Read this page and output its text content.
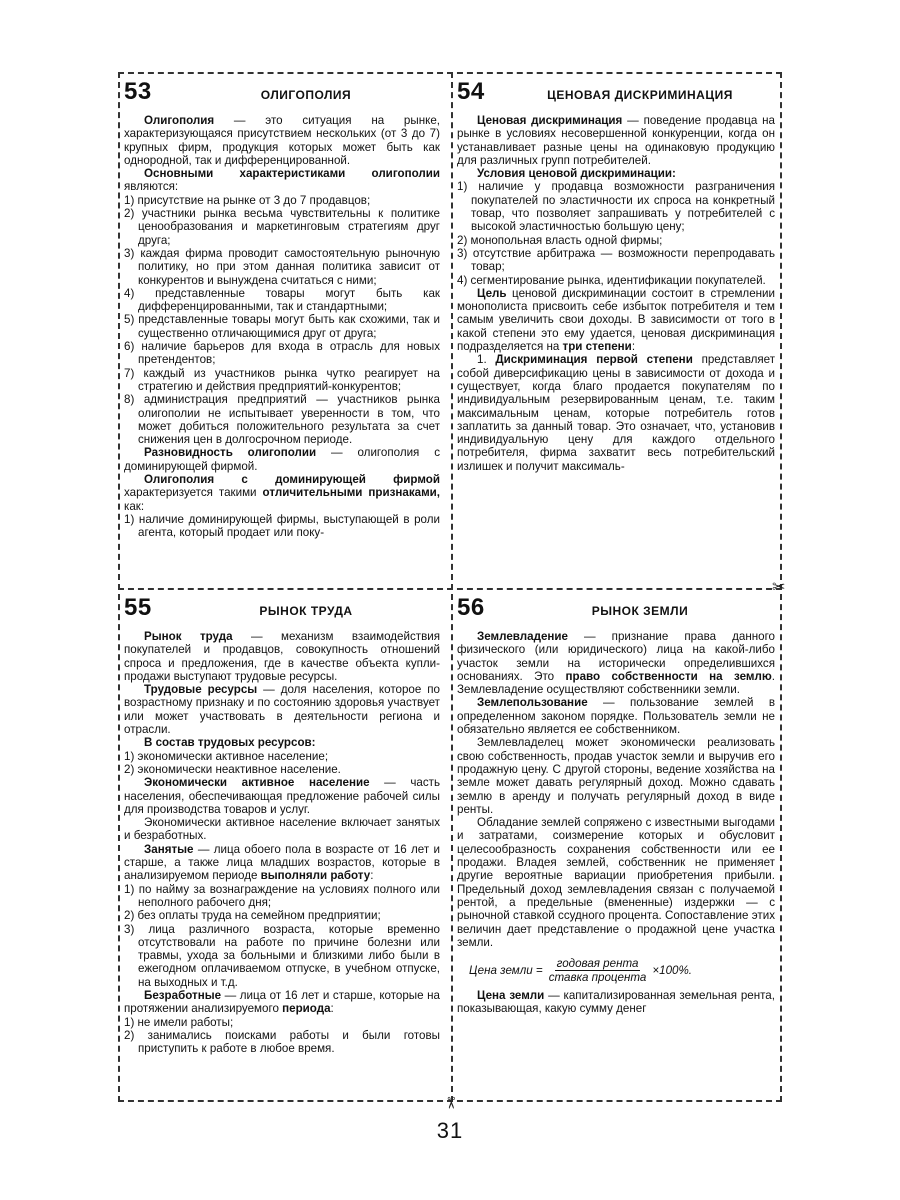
✂
✂
53	ОЛИГОПОЛИЯ

Олигополия — это ситуация на рынке, характеризующаяся присутствием нескольких (от 3 до 7) крупных фирм, продукция которых может быть как однородной, так и дифференцированной.

Основными характеристиками олигополии являются:

1) присутствие на рынке от 3 до 7 продавцов;
2) участники рынка весьма чувствительны к политике ценообразования и маркетинговым стратегиям друг друга;
3) каждая фирма проводит самостоятельную рыночную политику, но при этом данная политика зависит от конкурентов и вынуждена считаться с ними;
4) представленные товары могут быть как дифференцированными, так и стандартными;
5) представленные товары могут быть как схожими, так и существенно отличающимися друг от друга;
6) наличие барьеров для входа в отрасль для новых претендентов;
7) каждый из участников рынка чутко реагирует на стратегию и действия предприятий-конкурентов;
8) администрация предприятий — участников рынка олигополии не испытывает уверенности в том, что может добиться положительного результата за счет снижения цен в долгосрочном периоде.

Разновидность олигополии — олигополия с доминирующей фирмой.

Олигополия с доминирующей фирмой характеризуется такими отличительными признаками, как:

1) наличие доминирующей фирмы, выступающей в роли агента, который продает или поку-
54	ЦЕНОВАЯ ДИСКРИМИНАЦИЯ

Ценовая дискриминация — поведение продавца на рынке в условиях несовершенной конкуренции, когда он устанавливает разные цены на одинаковую продукцию для различных групп потребителей.

Условия ценовой дискриминации:

1) наличие у продавца возможности разграничения покупателей по эластичности их спроса на конкретный товар, что позволяет запрашивать у потребителей с высокой эластичностью большую цену;
2) монопольная власть одной фирмы;
3) отсутствие арбитража — возможности перепродавать товар;
4) сегментирование рынка, идентификации покупателей.

Цель ценовой дискриминации состоит в стремлении монополиста присвоить себе избыток потребителя и тем самым увеличить свои доходы. В зависимости от того в какой степени это ему удается, ценовая дискриминация подразделяется на три степени:

1. Дискриминация первой степени представляет собой диверсификацию цены в зависимости от дохода и существует, когда благо продается покупателям по индивидуальным резервированным ценам, т.е. таким максимальным ценам, которые потребитель готов заплатить за данный товар. Это означает, что, установив индивидуальную цену для каждого отдельного потребителя, фирма захватит весь потребительский излишек и получит максималь-

55	РЫНОК ТРУДА

Рынок труда — механизм взаимодействия покупателей и продавцов, совокупность отношений спроса и предложения, где в качестве объекта купли-продажи выступают трудовые ресурсы.

Трудовые ресурсы — доля населения, которое по возрастному признаку и по состоянию здоровья участвует или может участвовать в деятельности региона и отрасли.

В состав трудовых ресурсов:

1) экономически активное население;
2) экономически неактивное население.

Экономически активное население — часть населения, обеспечивающая предложение рабочей силы для производства товаров и услуг.

Экономически активное население включает занятых и безработных.

Занятые — лица обоего пола в возрасте от 16 лет и старше, а также лица младших возрастов, которые в анализируемом периоде выполняли работу:

1) по найму за вознаграждение на условиях полного или неполного рабочего дня;
2) без оплаты труда на семейном предприятии;
3) лица различного возраста, которые временно отсутствовали на работе по причине болезни или травмы, ухода за больными и близкими либо были в ежегодном оплачиваемом отпуске, в учебном отпуске, на выходных и т.д.

Безработные — лица от 16 лет и старше, которые на протяжении анализируемого периода:

1) не имели работы;
2) занимались поисками работы и были готовы приступить к работе в любое время.
56	РЫНОК ЗЕМЛИ

Землевладение — признание права данного физического (или юридического) лица на какой-либо участок земли на исторически определившихся основаниях. Это право собственности на землю. Землевладение осуществляют собственники земли.

Землепользование — пользование землей в определенном законом порядке. Пользователь земли не обязательно является ее собственником.

Землевладелец может экономически реализовать свою собственность, продав участок земли и выручив его продажную цену. С другой стороны, ведение хозяйства на земле может давать регулярный доход. Можно сдавать землю в аренду и получать регулярный доход в виде ренты.

Обладание землей сопряжено с известными выгодами и затратами, соизмерение которых и обусловит целесообразность сохранения собственности или ее продажи. Владея землей, собственник не применяет другие вероятные вариации приобретения прибыли. Предельный доход землевладения связан с получаемой рентой, а предельные (вмененные) издержки — с рыночной ставкой ссудного процента. Сопоставление этих величин дает представление о продажной цене участка земли.

Цена земли = $\frac{\text{годовая рента}}{\text{ставка процента}} \times 100\%$.

Цена земли — капитализированная земельная рента, показывающая, какую сумму денег

31
